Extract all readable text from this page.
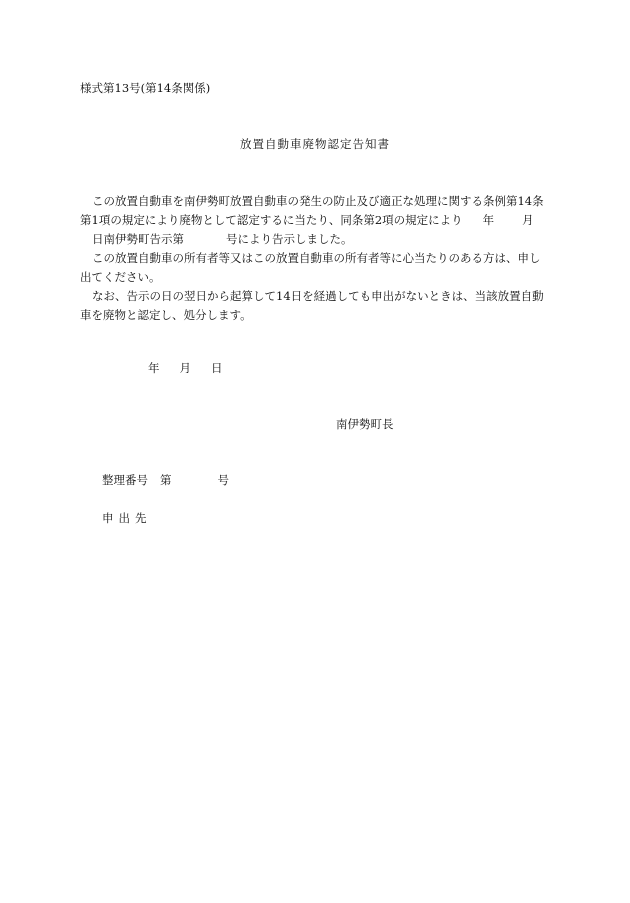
様式第13号(第14条関係)
放置自動車廃物認定告知書
この放置自動車を南伊勢町放置自動車の発生の防止及び適正な処理に関する条例第14条
第1項の規定により廃物として認定するに当たり、同条第2項の規定により 年 月
日南伊勢町告示第	号により告示しました。
この放置自動車の所有者等又はこの放置自動車の所有者等に心当たりのある方は、申し
出てください。
なお、告示の日の翌日から起算して14日を経過しても申出がないときは、当該放置自動
車を廃物と認定し、処分します。
年 月 日
南伊勢町長
整理番号 第	号
申出先
